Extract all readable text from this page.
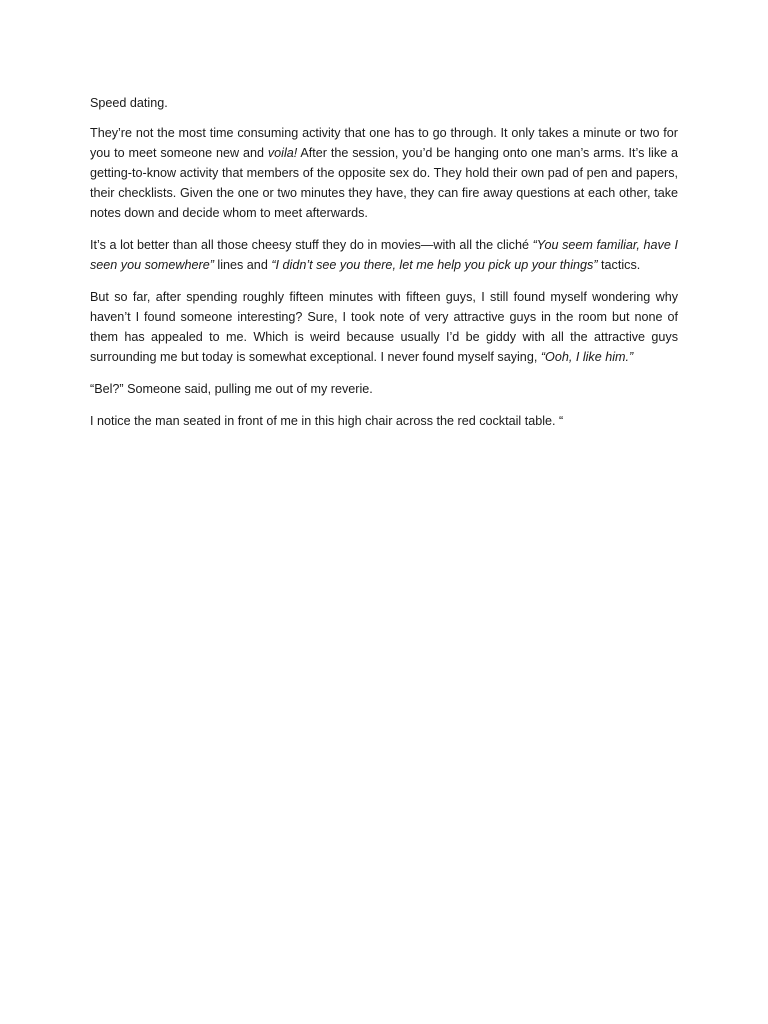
Speed dating.

They’re not the most time consuming activity that one has to go through. It only takes a minute or two for you to meet someone new and voila! After the session, you’d be hanging onto one man’s arms. It’s like a getting-to-know activity that members of the opposite sex do. They hold their own pad of pen and papers, their checklists. Given the one or two minutes they have, they can fire away questions at each other, take notes down and decide whom to meet afterwards.

It’s a lot better than all those cheesy stuff they do in movies—with all the cliché “You seem familiar, have I seen you somewhere” lines and “I didn’t see you there, let me help you pick up your things” tactics.

But so far, after spending roughly fifteen minutes with fifteen guys, I still found myself wondering why haven’t I found someone interesting? Sure, I took note of very attractive guys in the room but none of them has appealed to me. Which is weird because usually I’d be giddy with all the attractive guys surrounding me but today is somewhat exceptional. I never found myself saying, “Ooh, I like him.”

“Bel?” Someone said, pulling me out of my reverie.

I notice the man seated in front of me in this high chair across the red cocktail table. “
